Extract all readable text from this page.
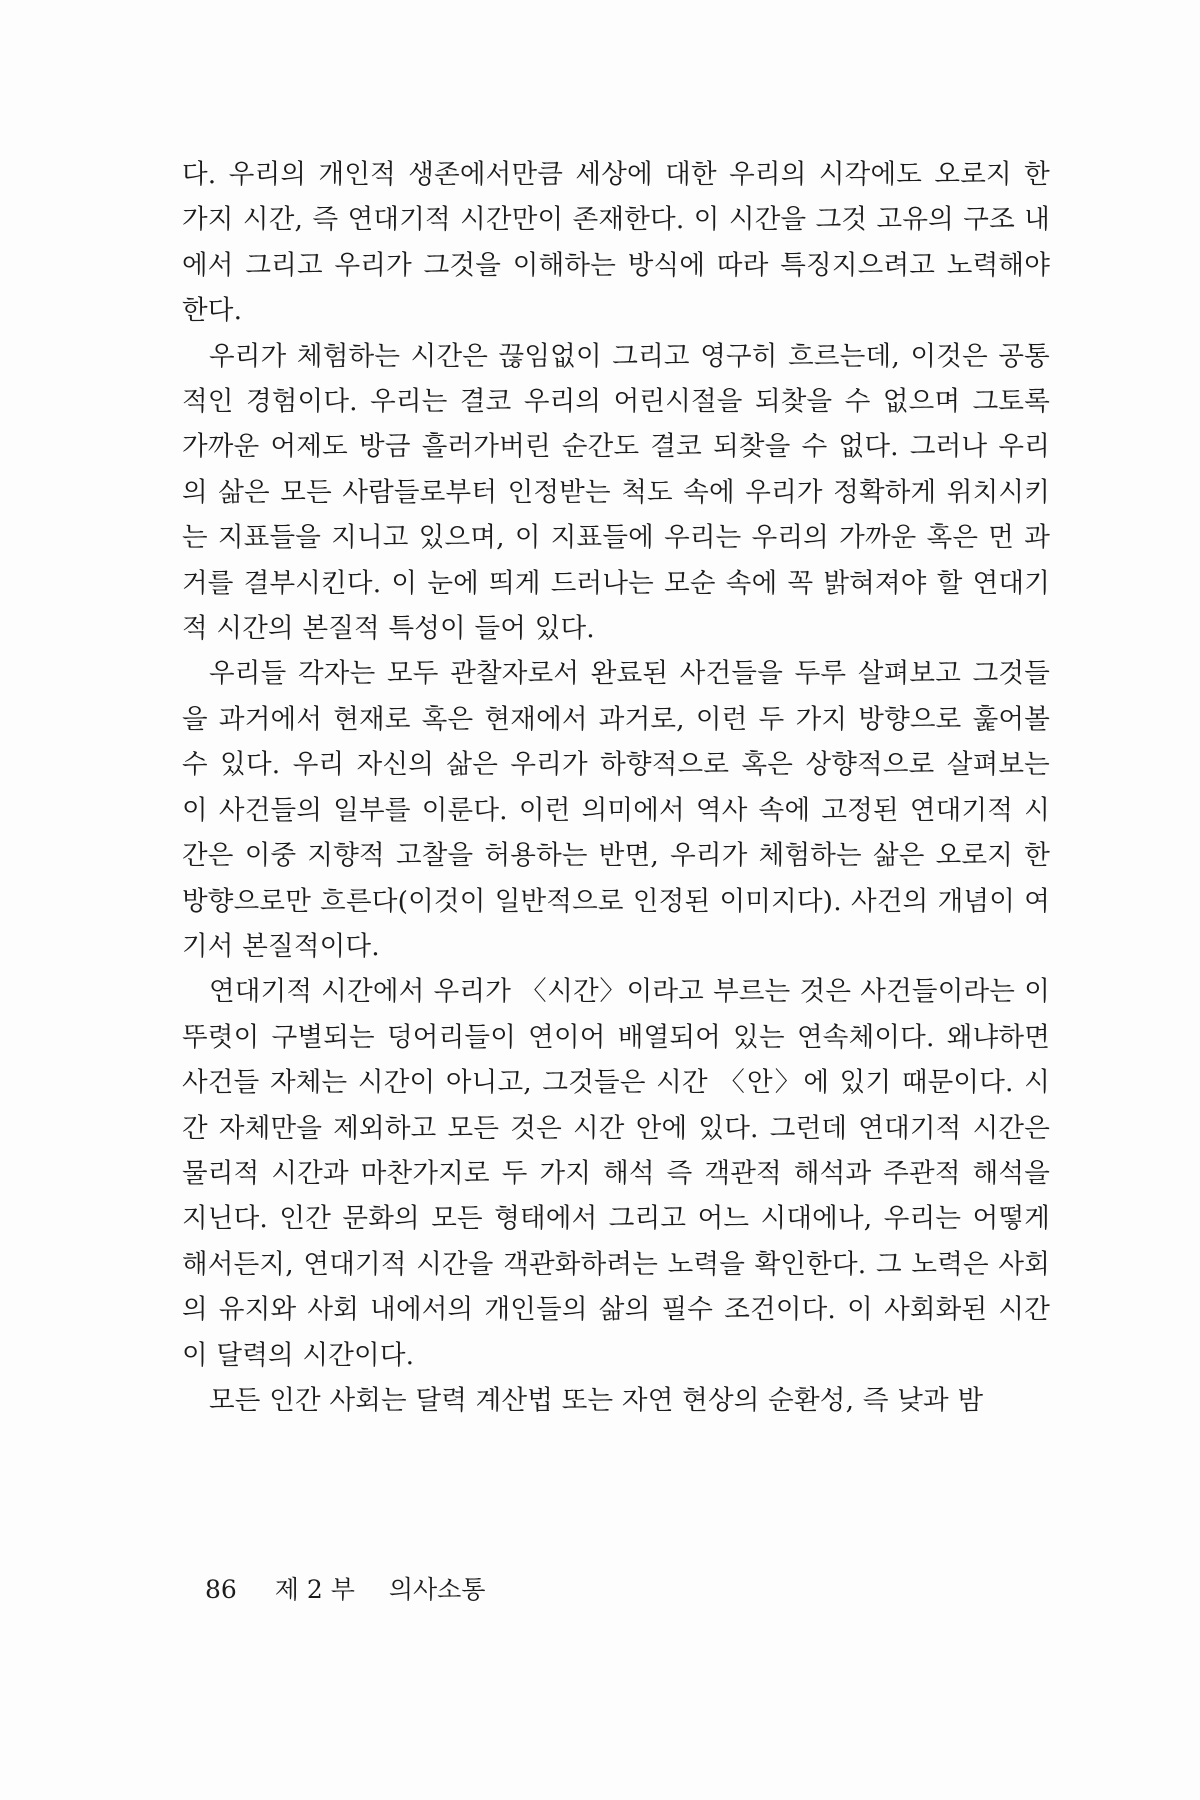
다. 우리의 개인적 생존에서만큼 세상에 대한 우리의 시각에도 오로지 한 가지 시간, 즉 연대기적 시간만이 존재한다. 이 시간을 그것 고유의 구조 내에서 그리고 우리가 그것을 이해하는 방식에 따라 특징지으려고 노력해야 한다.

우리가 체험하는 시간은 끊임없이 그리고 영구히 흐르는데, 이것은 공통적인 경험이다. 우리는 결코 우리의 어린시절을 되찾을 수 없으며 그토록 가까운 어제도 방금 흘러가버린 순간도 결코 되찾을 수 없다. 그러나 우리의 삶은 모든 사람들로부터 인정받는 척도 속에 우리가 정확하게 위치시키는 지표들을 지니고 있으며, 이 지표들에 우리는 우리의 가까운 혹은 먼 과거를 결부시킨다. 이 눈에 띄게 드러나는 모순 속에 꼭 밝혀져야 할 연대기적 시간의 본질적 특성이 들어 있다.

우리들 각자는 모두 관찰자로서 완료된 사건들을 두루 살펴보고 그것들을 과거에서 현재로 혹은 현재에서 과거로, 이런 두 가지 방향으로 훑어볼 수 있다. 우리 자신의 삶은 우리가 하향적으로 혹은 상향적으로 살펴보는 이 사건들의 일부를 이룬다. 이런 의미에서 역사 속에 고정된 연대기적 시간은 이중 지향적 고찰을 허용하는 반면, 우리가 체험하는 삶은 오로지 한 방향으로만 흐른다(이것이 일반적으로 인정된 이미지다). 사건의 개념이 여기서 본질적이다.

연대기적 시간에서 우리가 〈시간〉이라고 부르는 것은 사건들이라는 이 뚜렷이 구별되는 덩어리들이 연이어 배열되어 있는 연속체이다. 왜냐하면 사건들 자체는 시간이 아니고, 그것들은 시간 〈안〉에 있기 때문이다. 시간 자체만을 제외하고 모든 것은 시간 안에 있다. 그런데 연대기적 시간은 물리적 시간과 마찬가지로 두 가지 해석 즉 객관적 해석과 주관적 해석을 지닌다. 인간 문화의 모든 형태에서 그리고 어느 시대에나, 우리는 어떻게 해서든지, 연대기적 시간을 객관화하려는 노력을 확인한다. 그 노력은 사회의 유지와 사회 내에서의 개인들의 삶의 필수 조건이다. 이 사회화된 시간이 달력의 시간이다.

모든 인간 사회는 달력 계산법 또는 자연 현상의 순환성, 즉 낮과 밤

86 제 2 부 의사소통
